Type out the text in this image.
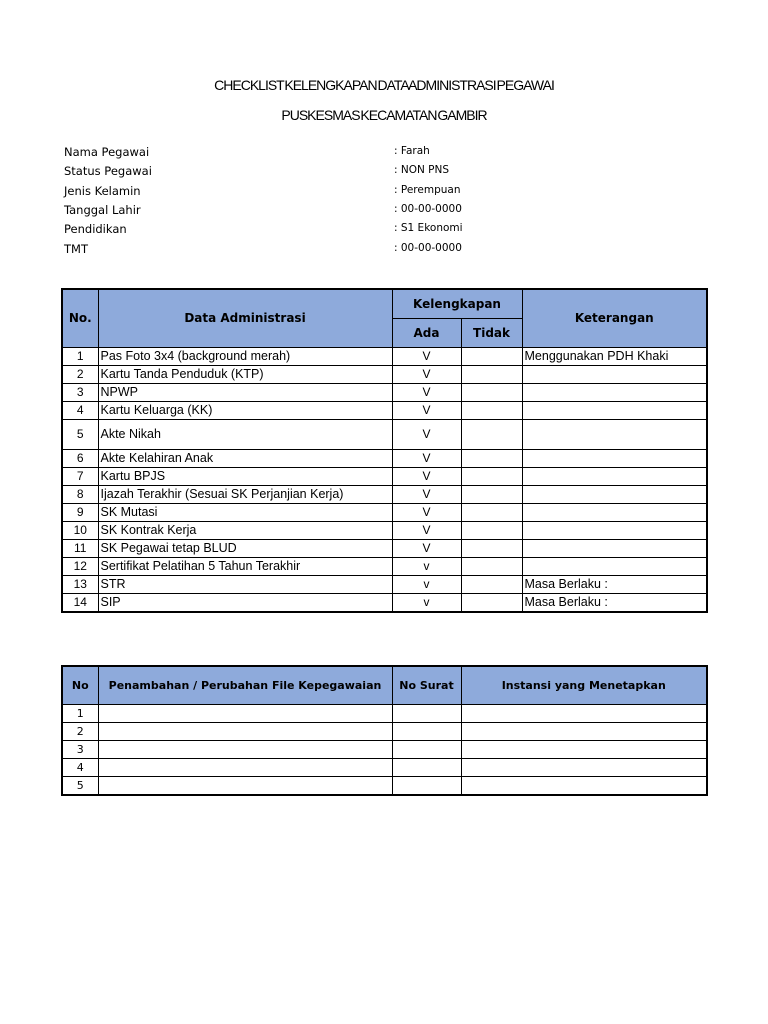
CHECKLIST KELENGKAPAN DATA ADMINISTRASI PEGAWAI
PUSKESMAS KECAMATAN GAMBIR
Nama Pegawai	: Farah
Status Pegawai	: NON PNS
Jenis Kelamin	: Perempuan
Tanggal Lahir	: 00-00-0000
Pendidikan	: S1 Ekonomi
TMT	: 00-00-0000
No.	Data Administrasi	Kelengkapan		Keterangan
		Ada	Tidak	
1	Pas Foto 3x4 (background merah)	V		Menggunakan PDH Khaki
2	Kartu Tanda Penduduk (KTP)	V		
3	NPWP	V		
4	Kartu Keluarga (KK)	V		
5	Akte Nikah	V		
6	Akte Kelahiran Anak	V		
7	Kartu BPJS	V		
8	Ijazah Terakhir (Sesuai SK Perjanjian Kerja)	V		
9	SK Mutasi	V		
10	SK Kontrak Kerja	V		
11	SK Pegawai tetap BLUD	V		
12	Sertifikat Pelatihan 5 Tahun Terakhir	v		
13	STR	v		Masa Berlaku :
14	SIP	v		Masa Berlaku :
No	Penambahan / Perubahan File Kepegawaian	No Surat	Instansi yang Menetapkan
1			
2			
3			
4			
5			
